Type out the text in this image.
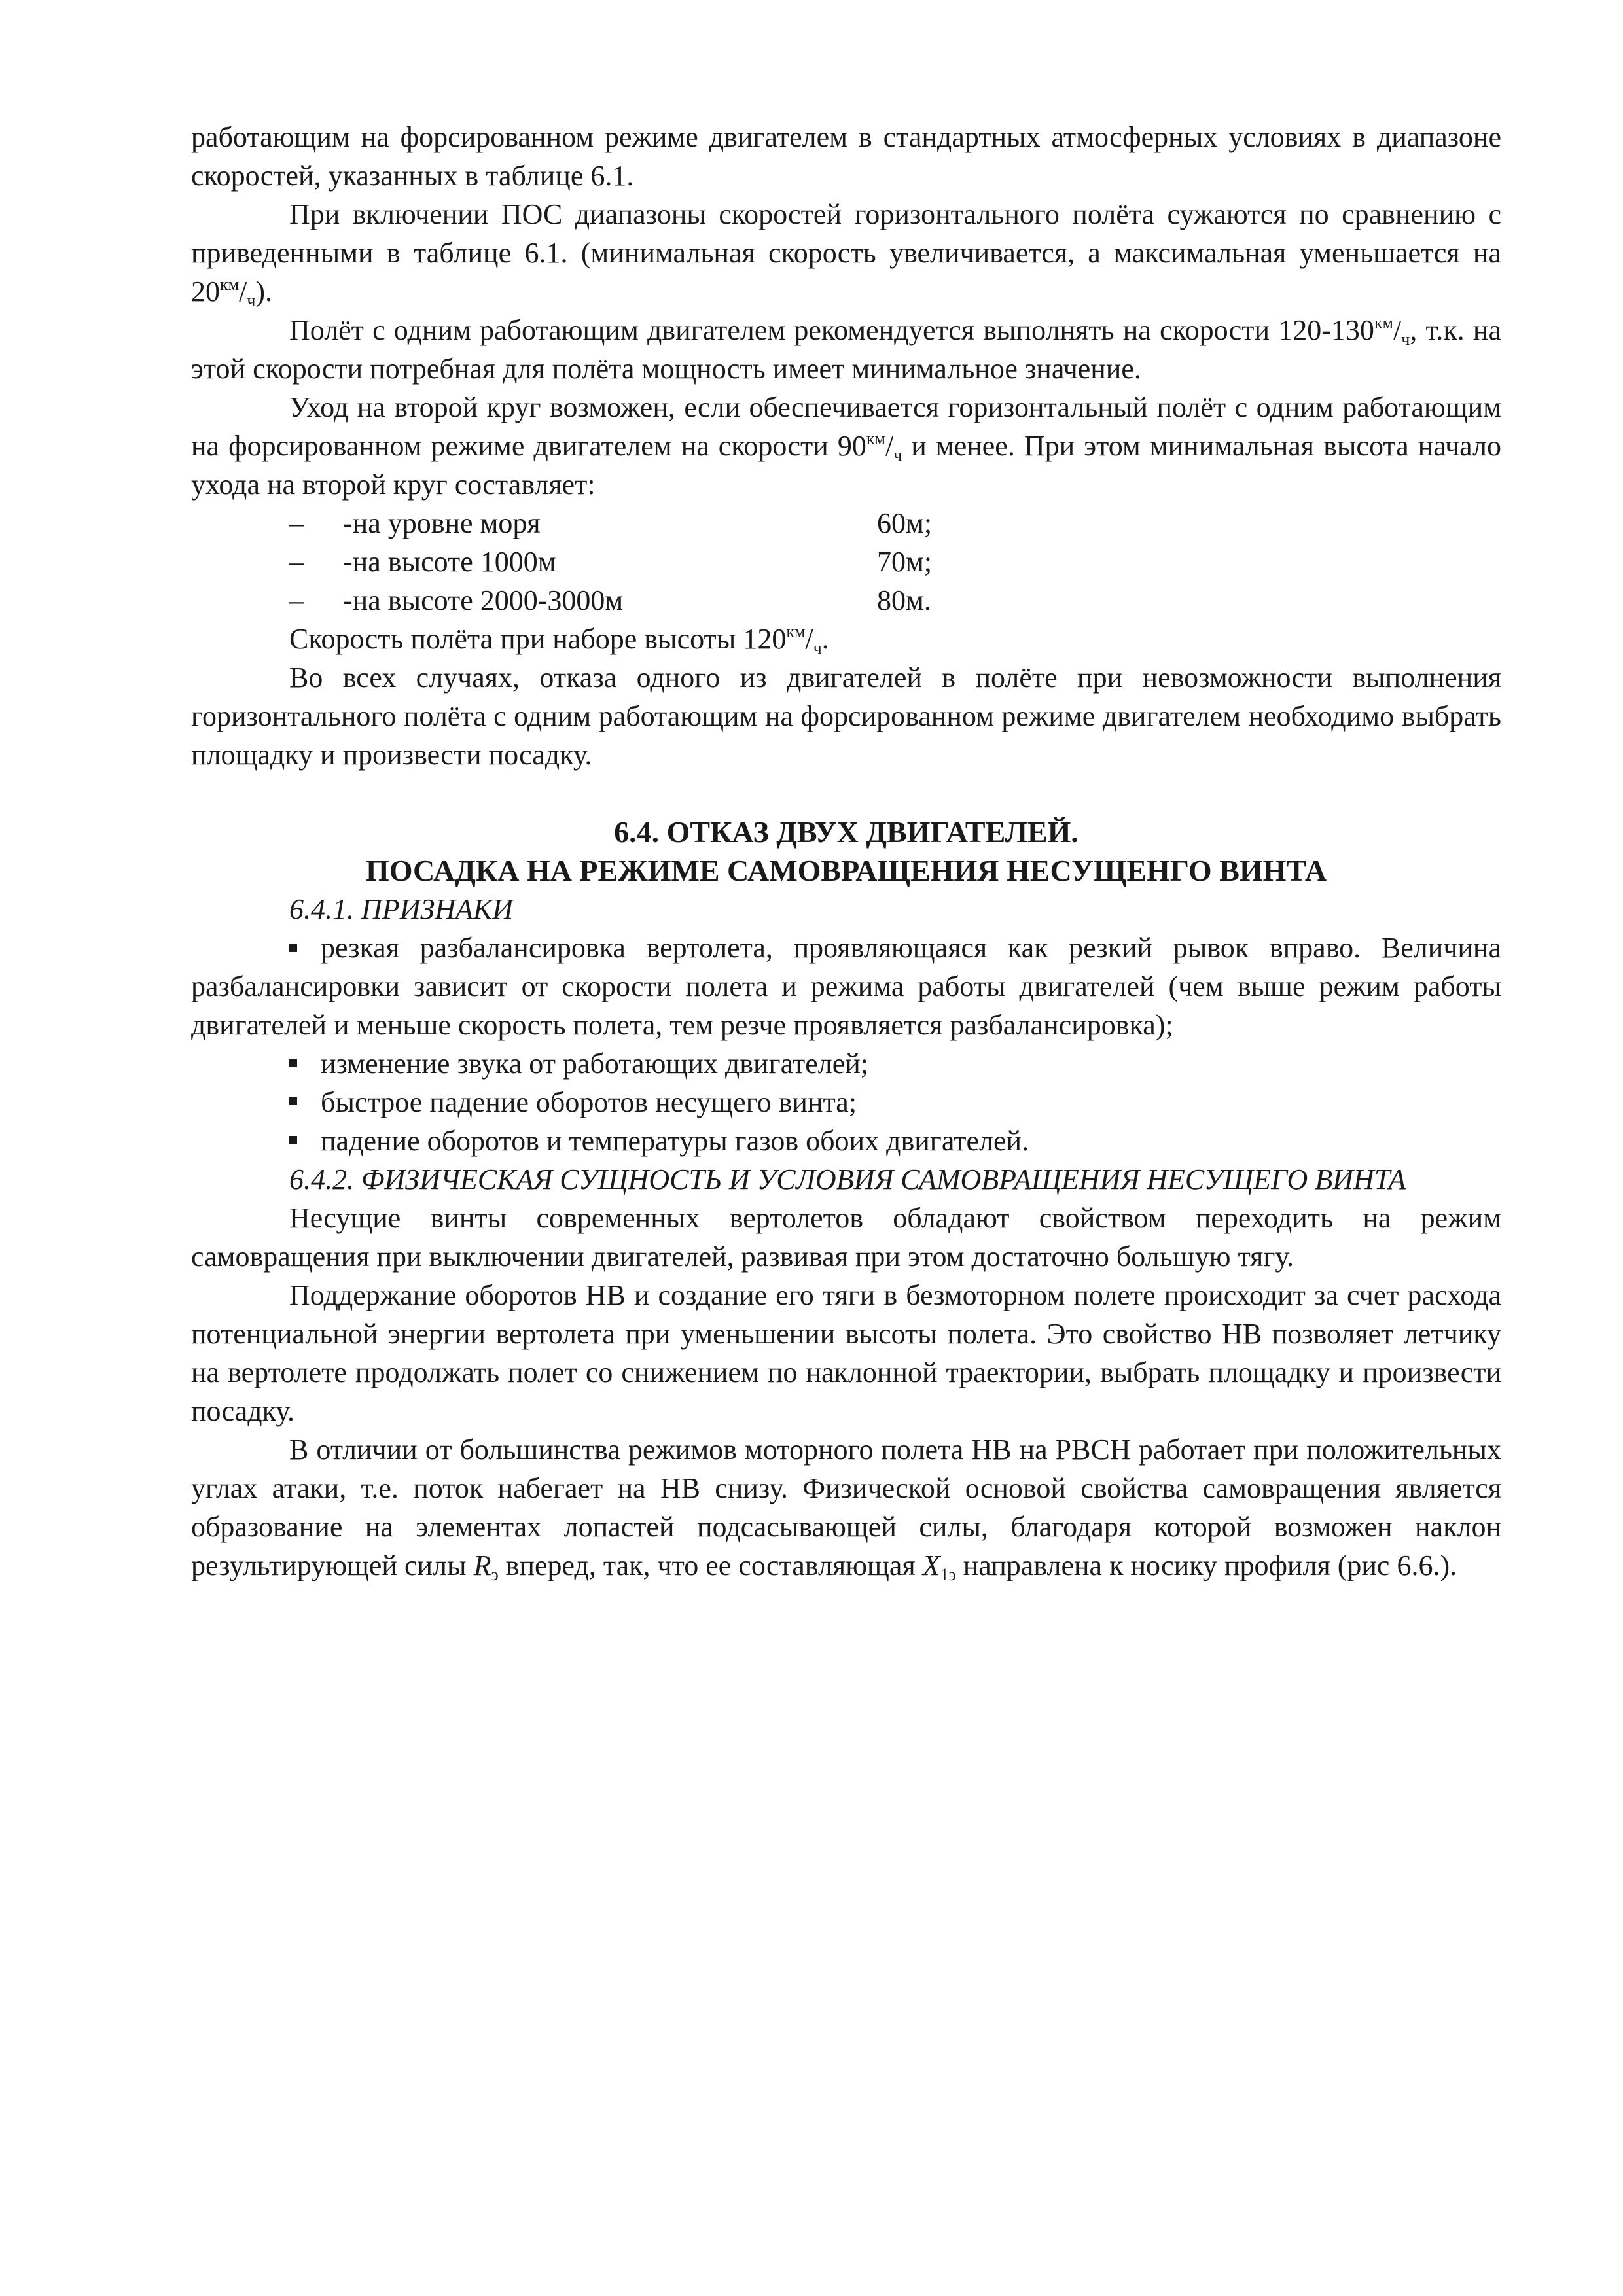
работающим на форсированном режиме двигателем в стандартных атмосферных условиях в диапазоне скоростей, указанных в таблице 6.1.

При включении ПОС диапазоны скоростей горизонтального полёта сужаются по сравнению с приведенными в таблице 6.1. (минимальная скорость увеличивается, а максимальная уменьшается на $20^{км}/_ч$).

Полёт с одним работающим двигателем рекомендуется выполнять на скорости $120-130^{км}/_ч$, т.к. на этой скорости потребная для полёта мощность имеет минимальное значение.

Уход на второй круг возможен, если обеспечивается горизонтальный полёт с одним работающим на форсированном режиме двигателем на скорости $90^{км}/_ч$ и менее. При этом минимальная высота начало ухода на второй круг составляет:

–	-на уровне моря	60м;
–	-на высоте 1000м	70м;
–	-на высоте 2000-3000м	80м.

Скорость полёта при наборе высоты $120^{км}/_ч$.

Во всех случаях, отказа одного из двигателей в полёте при невозможности выполнения горизонтального полёта с одним работающим на форсированном режиме двигателем необходимо выбрать площадку и произвести посадку.

6.4. ОТКАЗ ДВУХ ДВИГАТЕЛЕЙ.
ПОСАДКА НА РЕЖИМЕ САМОВРАЩЕНИЯ НЕСУЩЕНГО ВИНТА

6.4.1. ПРИЗНАКИ

резкая разбалансировка вертолета, проявляющаяся как резкий рывок вправо. Величина разбалансировки зависит от скорости полета и режима работы двигателей (чем выше режим работы двигателей и меньше скорость полета, тем резче проявляется разбалансировка);
изменение звука от работающих двигателей;
быстрое падение оборотов несущего винта;
падение оборотов и температуры газов обоих двигателей.

6.4.2. ФИЗИЧЕСКАЯ СУЩНОСТЬ И УСЛОВИЯ САМОВРАЩЕНИЯ НЕСУЩЕГО ВИНТА

Несущие винты современных вертолетов обладают свойством переходить на режим самовращения при выключении двигателей, развивая при этом достаточно большую тягу.

Поддержание оборотов НВ и создание его тяги в безмоторном полете происходит за счет расхода потенциальной энергии вертолета при уменьшении высоты полета. Это свойство НВ позволяет летчику на вертолете продолжать полет со снижением по наклонной траектории, выбрать площадку и произвести посадку.

В отличии от большинства режимов моторного полета НВ на РВСН работает при положительных углах атаки, т.е. поток набегает на НВ снизу. Физической основой свойства самовращения является образование на элементах лопастей подсасывающей силы, благодаря которой возможен наклон результирующей силы $R_э$ вперед, так, что ее составляющая $X_{1э}$ направлена к носику профиля (рис 6.6.).
